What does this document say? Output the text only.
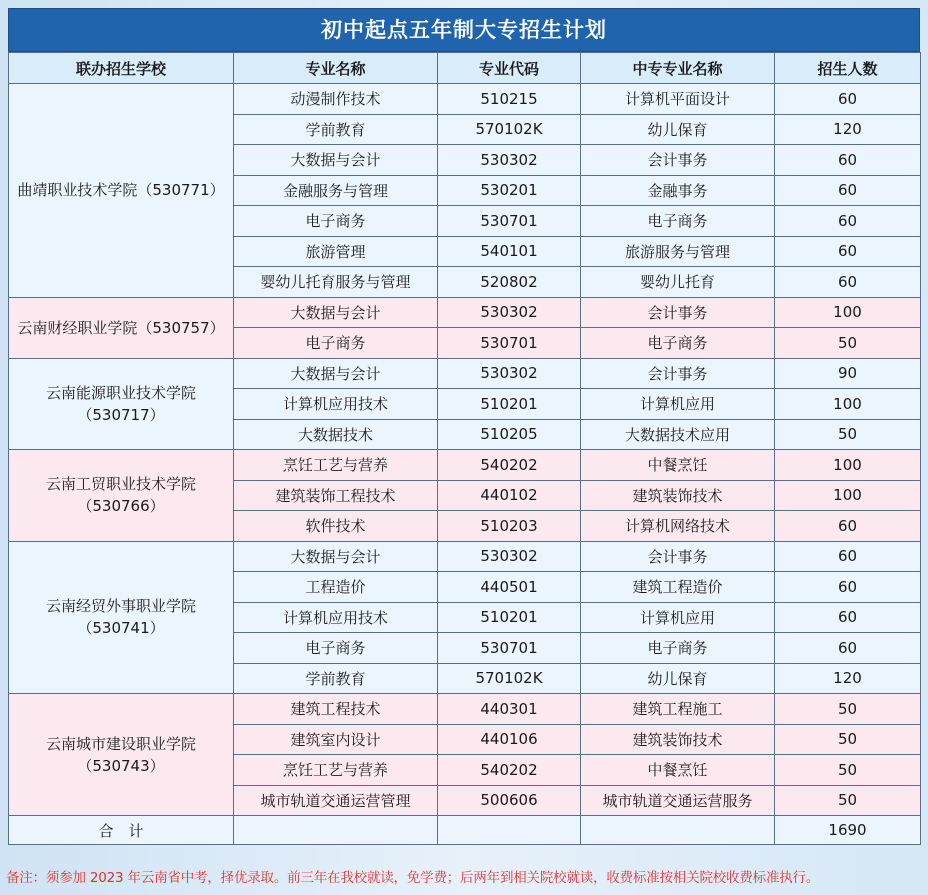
初中起点五年制大专招生计划
联办招生学校	专业名称	专业代码	中专专业名称	招生人数
曲靖职业技术学院（530771）	动漫制作技术	510215	计算机平面设计	60
	学前教育	570102K	幼儿保育	120
	大数据与会计	530302	会计事务	60
	金融服务与管理	530201	金融事务	60
	电子商务	530701	电子商务	60
	旅游管理	540101	旅游服务与管理	60
	婴幼儿托育服务与管理	520802	婴幼儿托育	60
云南财经职业学院（530757）	大数据与会计	530302	会计事务	100
	电子商务	530701	电子商务	50
云南能源职业技术学院
（530717）	大数据与会计	530302	会计事务	90
	计算机应用技术	510201	计算机应用	100
	大数据技术	510205	大数据技术应用	50
云南工贸职业技术学院
（530766）	烹饪工艺与营养	540202	中餐烹饪	100
	建筑装饰工程技术	440102	建筑装饰技术	100
	软件技术	510203	计算机网络技术	60
云南经贸外事职业学院
（530741）	大数据与会计	530302	会计事务	60
	工程造价	440501	建筑工程造价	60
	计算机应用技术	510201	计算机应用	60
	电子商务	530701	电子商务	60
	学前教育	570102K	幼儿保育	120
云南城市建设职业学院
（530743）	建筑工程技术	440301	建筑工程施工	50
	建筑室内设计	440106	建筑装饰技术	50
	烹饪工艺与营养	540202	中餐烹饪	50
	城市轨道交通运营管理	500606	城市轨道交通运营服务	50
合　计				1690
备注：须参加 2023 年云南省中考，择优录取。前三年在我校就读，免学费；后两年到相关院校就读，收费标准按相关院校收费标准执行。
